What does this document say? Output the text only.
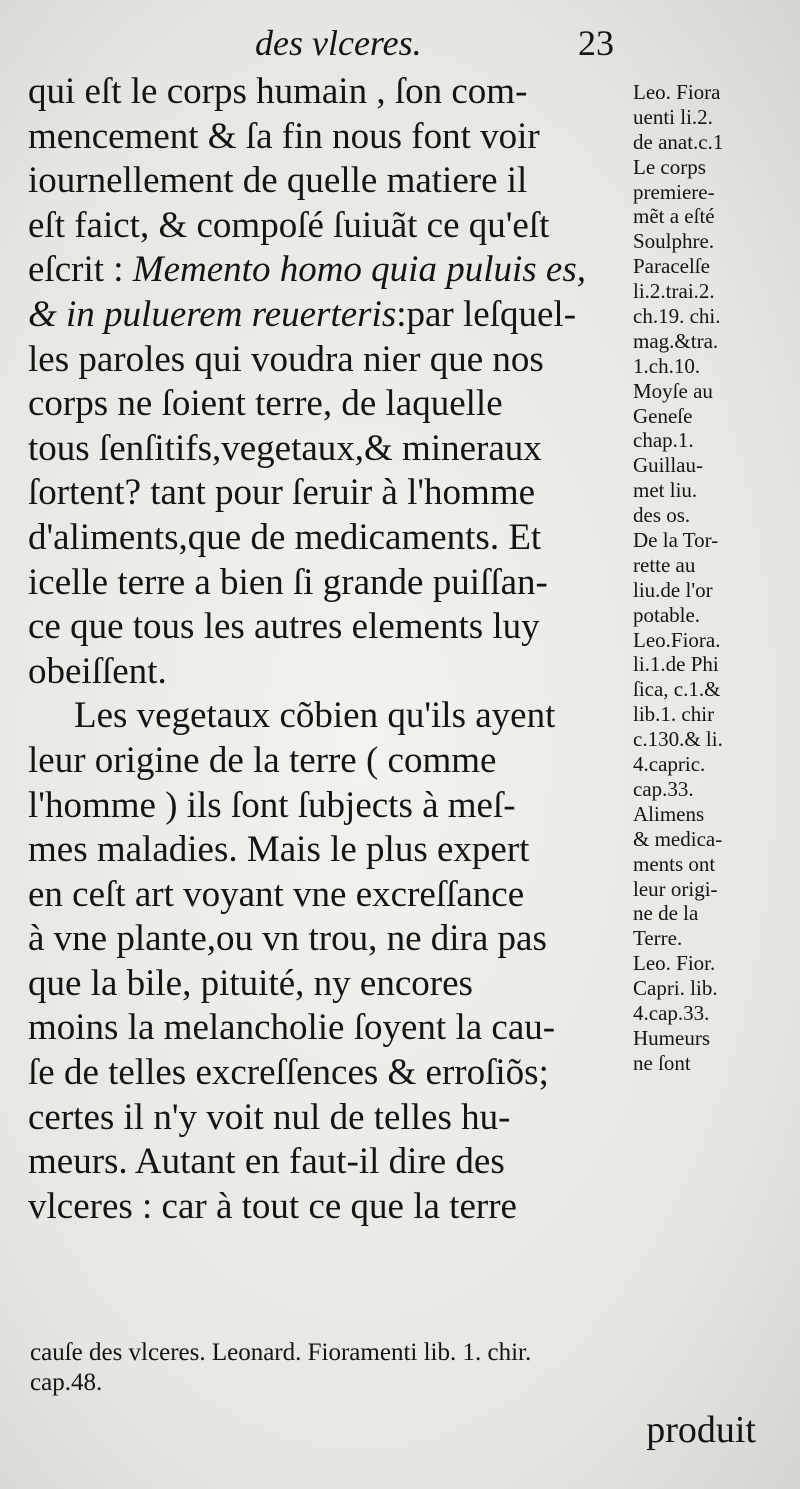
des vlceres.	23
qui eſt le corps humain , ſon com-
mencement & ſa fin nous font voir
iournellement de quelle matiere il
eſt faict, & compoſé ſuiuãt ce qu'eſt
eſcrit : Memento homo quia puluis es,
& in puluerem reuerteris:par leſquel-
les paroles qui voudra nier que nos
corps ne ſoient terre, de laquelle
tous ſenſitifs,vegetaux,& mineraux
ſortent? tant pour ſeruir à l'homme
d'aliments,que de medicaments. Et
icelle terre a bien ſi grande puiſſan-
ce que tous les autres elements luy
obeiſſent.
Les vegetaux cõbien qu'ils ayent
leur origine de la terre ( comme
l'homme ) ils ſont ſubjects à meſ-
mes maladies. Mais le plus expert
en ceſt art voyant vne excreſſance
à vne plante,ou vn trou, ne dira pas
que la bile, pituité, ny encores
moins la melancholie ſoyent la cau-
ſe de telles excreſſences & erroſiõs;
certes il n'y voit nul de telles hu-
meurs. Autant en faut-il dire des
vlceres : car à tout ce que la terre
Leo. Fiora
uenti li.2.
de anat.c.1
Le corps
premiere-
mẽt a eſté
Soulphre.
Paracelſe
li.2.trai.2.
ch.19. chi.
mag.&tra.
1.ch.10.
Moyſe au
Geneſe
chap.1.
Guillau-
met liu.
des os.
De la Tor-
rette au
liu.de l'or
potable.
Leo.Fiora.
li.1.de Phi
ſica, c.1.&
lib.1. chir
c.130.& li.
4.capric.
cap.33.
Alimens
& medica-
ments ont
leur origi-
ne de la
Terre.
Leo. Fior.
Capri. lib.
4.cap.33.
Humeurs
ne ſont
cauſe des vlceres. Leonard. Fioramenti lib. 1. chir.
cap.48.
produit
